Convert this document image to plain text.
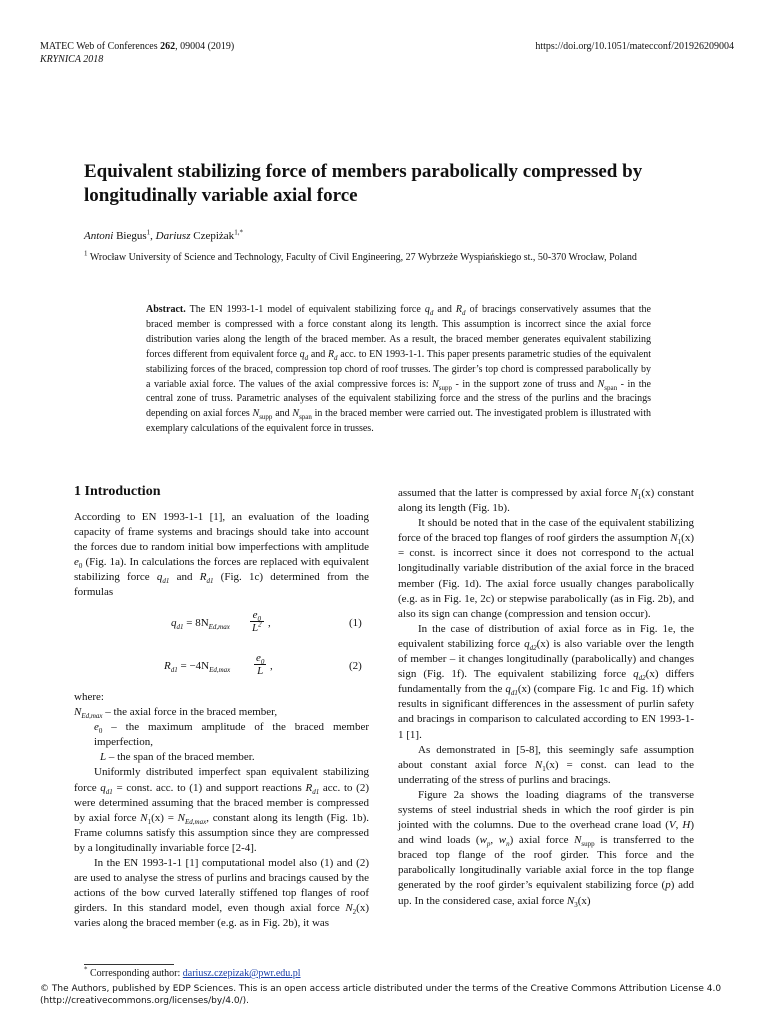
MATEC Web of Conferences 262, 09004 (2019)
KRYNICA 2018
https://doi.org/10.1051/matecconf/201926209004
Equivalent stabilizing force of members parabolically compressed by longitudinally variable axial force
Antoni Biegus$^1$, Dariusz Czepiżak$^{1,*}$
$^1$ Wrocław University of Science and Technology, Faculty of Civil Engineering, 27 Wybrzeże Wyspiańskiego st., 50-370 Wrocław, Poland
Abstract. The EN 1993-1-1 model of equivalent stabilizing force $q_d$ and $R_d$ of bracings conservatively assumes that the braced member is compressed with a force constant along its length. This assumption is incorrect since the axial force distribution varies along the length of the braced member. As a result, the braced member generates equivalent stabilizing forces different from equivalent force $q_d$ and $R_d$ acc. to EN 1993-1-1. This paper presents parametric studies of the equivalent stabilizing forces of the braced, compression top chord of roof trusses. The girder’s top chord is compressed parabolically by a variable axial force. The values of the axial compressive forces is: $N_{supp}$ - in the support zone of truss and $N_{span}$ - in the central zone of truss. Parametric analyses of the equivalent stabilizing force and the stress of the purlins and the bracings depending on axial forces $N_{supp}$ and $N_{span}$ in the braced member were carried out. The investigated problem is illustrated with exemplary calculations of the equivalent force in trusses.
1 Introduction

According to EN 1993-1-1 [1], an evaluation of the loading capacity of frame systems and bracings should take into account the forces due to random initial bow imperfections with amplitude $e_0$ (Fig. 1a). In calculations the forces are replaced with equivalent stabilizing force $q_{d1}$ and $R_{d1}$ (Fig. 1c) determined from the formulas

$q_{d1} = 8N_{Ed,max} \frac{e_0}{L^2}$ ,	(1)
$R_{d1} = -4N_{Ed,max} \frac{e_0}{L}$ ,	(2)

where:

$N_{Ed,max}$ – the axial force in the braced member,

$e_0$ – the maximum amplitude of the braced member imperfection,

L – the span of the braced member.

Uniformly distributed imperfect span equivalent stabilizing force $q_{d1}$ = const. acc. to (1) and support reactions $R_{d1}$ acc. to (2) were determined assuming that the braced member is compressed by axial force $N_1(x) = N_{Ed,max}$, constant along its length (Fig. 1b). Frame columns satisfy this assumption since they are compressed by a longitudinally invariable force [2-4].

In the EN 1993-1-1 [1] computational model also (1) and (2) are used to analyse the stress of purlins and bracings caused by the actions of the bow curved laterally stiffened top flanges of roof girders. In this standard model, even though axial force $N_2(x)$ varies along the braced member (e.g. as in Fig. 2b), it was

assumed that the latter is compressed by axial force $N_1(x)$ constant along its length (Fig. 1b).

It should be noted that in the case of the equivalent stabilizing force of the braced top flanges of roof girders the assumption $N_1(x)$ = const. is incorrect since it does not correspond to the actual longitudinally variable distribution of the axial force in the braced member (Fig. 1d). The axial force usually changes parabolically (e.g. as in Fig. 1e, 2c) or stepwise parabolically (as in Fig. 2b), and also its sign can change (compression and tension occur).

In the case of distribution of axial force as in Fig. 1e, the equivalent stabilizing force $q_{d2}(x)$ is also variable over the length of member – it changes longitudinally (parabolically) and changes sign (Fig. 1f). The equivalent stabilizing force $q_{d2}(x)$ differs fundamentally from the $q_{d1}(x)$ (compare Fig. 1c and Fig. 1f) which results in significant differences in the assessment of purlin safety and bracings in comparison to calculated according to EN 1993-1-1 [1].

As demonstrated in [5-8], this seemingly safe assumption about constant axial force $N_1(x)$ = const. can lead to the underrating of the stress of purlins and bracings.

Figure 2a shows the loading diagrams of the transverse systems of steel industrial sheds in which the roof girder is pin jointed with the columns. Due to the overhead crane load (V, H) and wind loads ($w_p$, $w_n$) axial force $N_{supp}$ is transferred to the braced top flange of the roof girder. This force and the parabolically longitudinally variable axial force in the top flange generated by the roof girder’s equivalent stabilizing force (p) add up. In the considered case, axial force $N_3(x)$

* Corresponding author: dariusz.czepizak@pwr.edu.pl
© The Authors, published by EDP Sciences. This is an open access article distributed under the terms of the Creative Commons Attribution License 4.0
(http://creativecommons.org/licenses/by/4.0/).
